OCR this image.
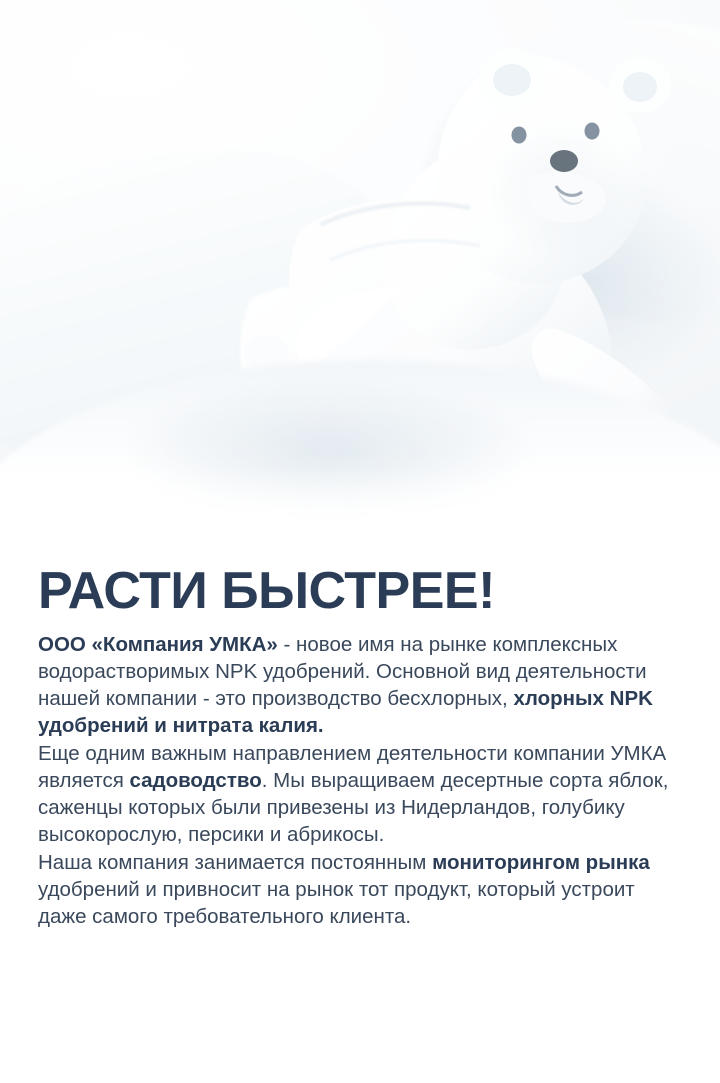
РАСТИ БЫСТРЕЕ!

ООО «Компания УМКА» - новое имя на рынке комплексных водорастворимых NPK удобрений. Основной вид деятельности нашей компании - это производство бесхлорных, хлорных NPK удобрений и нитрата калия.

Еще одним важным направлением деятельности компании УМКА является садоводство. Мы выращиваем десертные сорта яблок, саженцы которых были привезены из Нидерландов, голубику высокорослую, персики и абрикосы.

Наша компания занимается постоянным мониторингом рынка удобрений и привносит на рынок тот продукт, который устроит даже самого требовательного клиента.
